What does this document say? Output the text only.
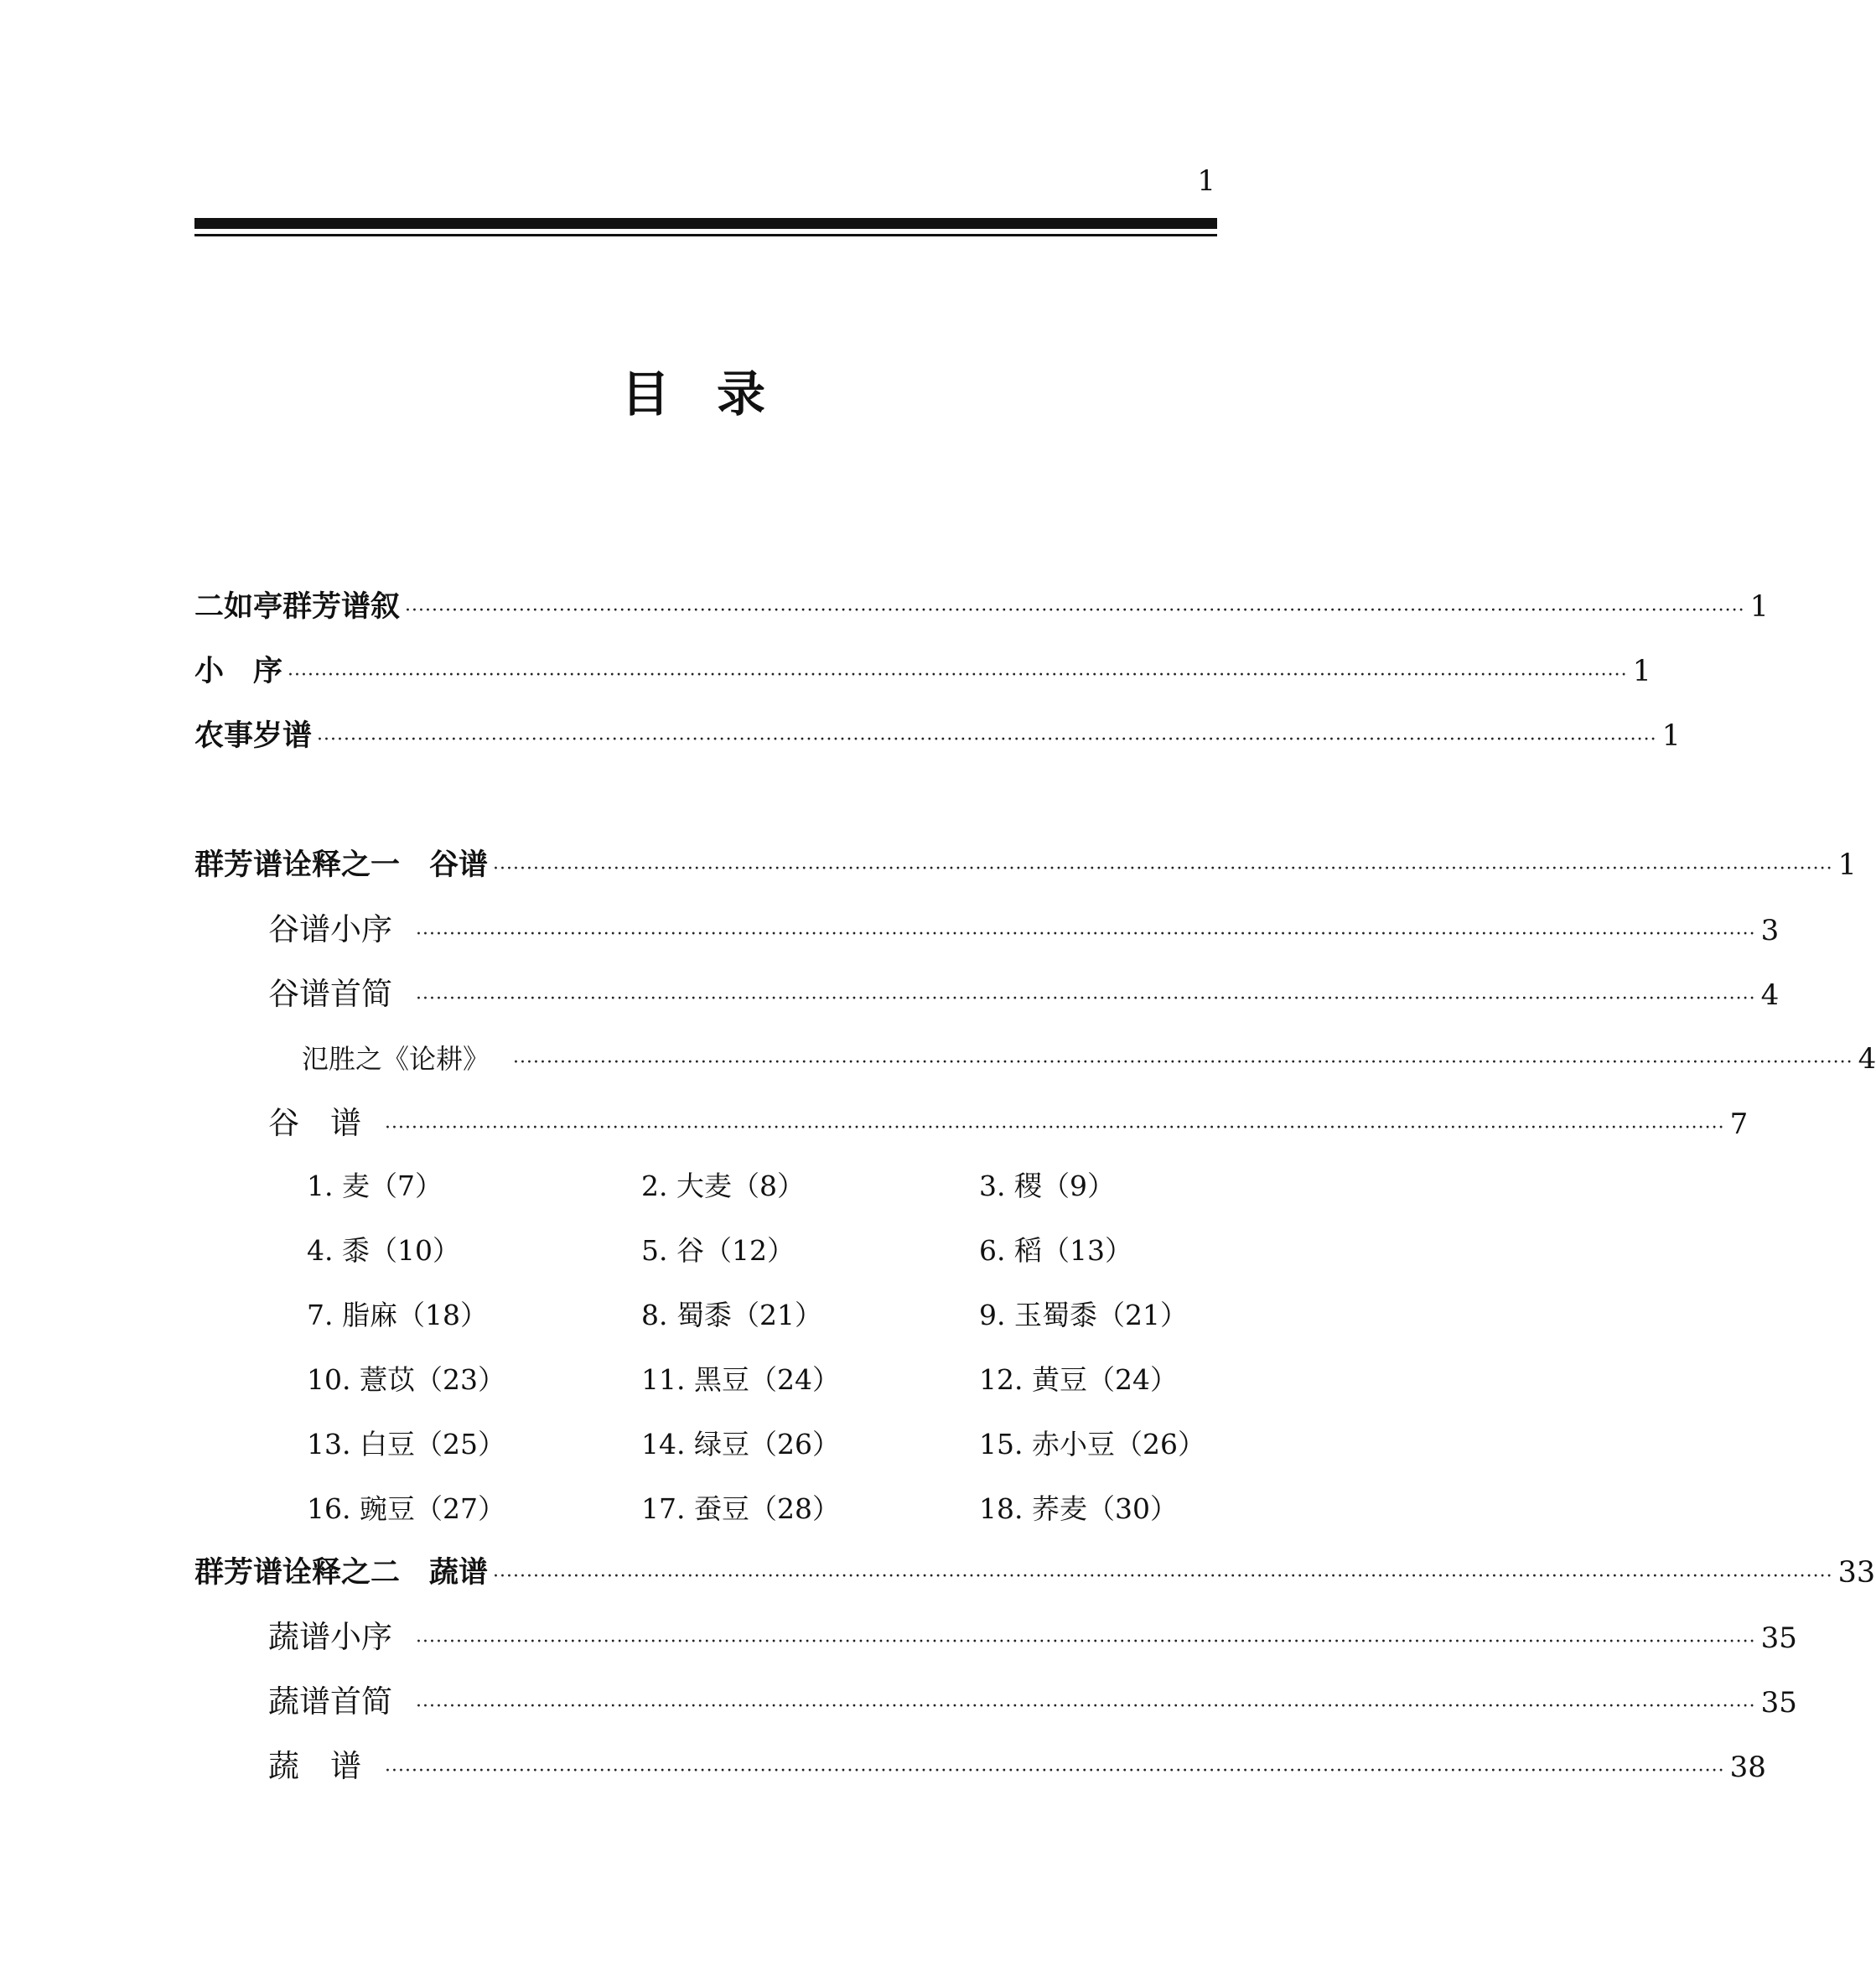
1
目录
二如亭群芳谱叙 ········································································································································································································ 1
小　序 ········································································································································································································ 1
农事岁谱 ········································································································································································································ 1
群芳谱诠释之一　谷谱 ········································································································································································································ 1
谷谱小序 ········································································································································································································ 3
谷谱首简 ········································································································································································································ 4
氾胜之《论耕》 ········································································································································································································ 4
谷　谱 ········································································································································································································ 7
1. 麦（7）	2. 大麦（8）	3. 稷（9）
4. 黍（10）	5. 谷（12）	6. 稻（13）
7. 脂麻（18）	8. 蜀黍（21）	9. 玉蜀黍（21）
10. 薏苡（23）	11. 黑豆（24）	12. 黄豆（24）
13. 白豆（25）	14. 绿豆（26）	15. 赤小豆（26）
16. 豌豆（27）	17. 蚕豆（28）	18. 荞麦（30）
群芳谱诠释之二　蔬谱 ········································································································································································································ 33
蔬谱小序 ········································································································································································································ 35
蔬谱首简 ········································································································································································································ 35
蔬　谱 ········································································································································································································ 38
